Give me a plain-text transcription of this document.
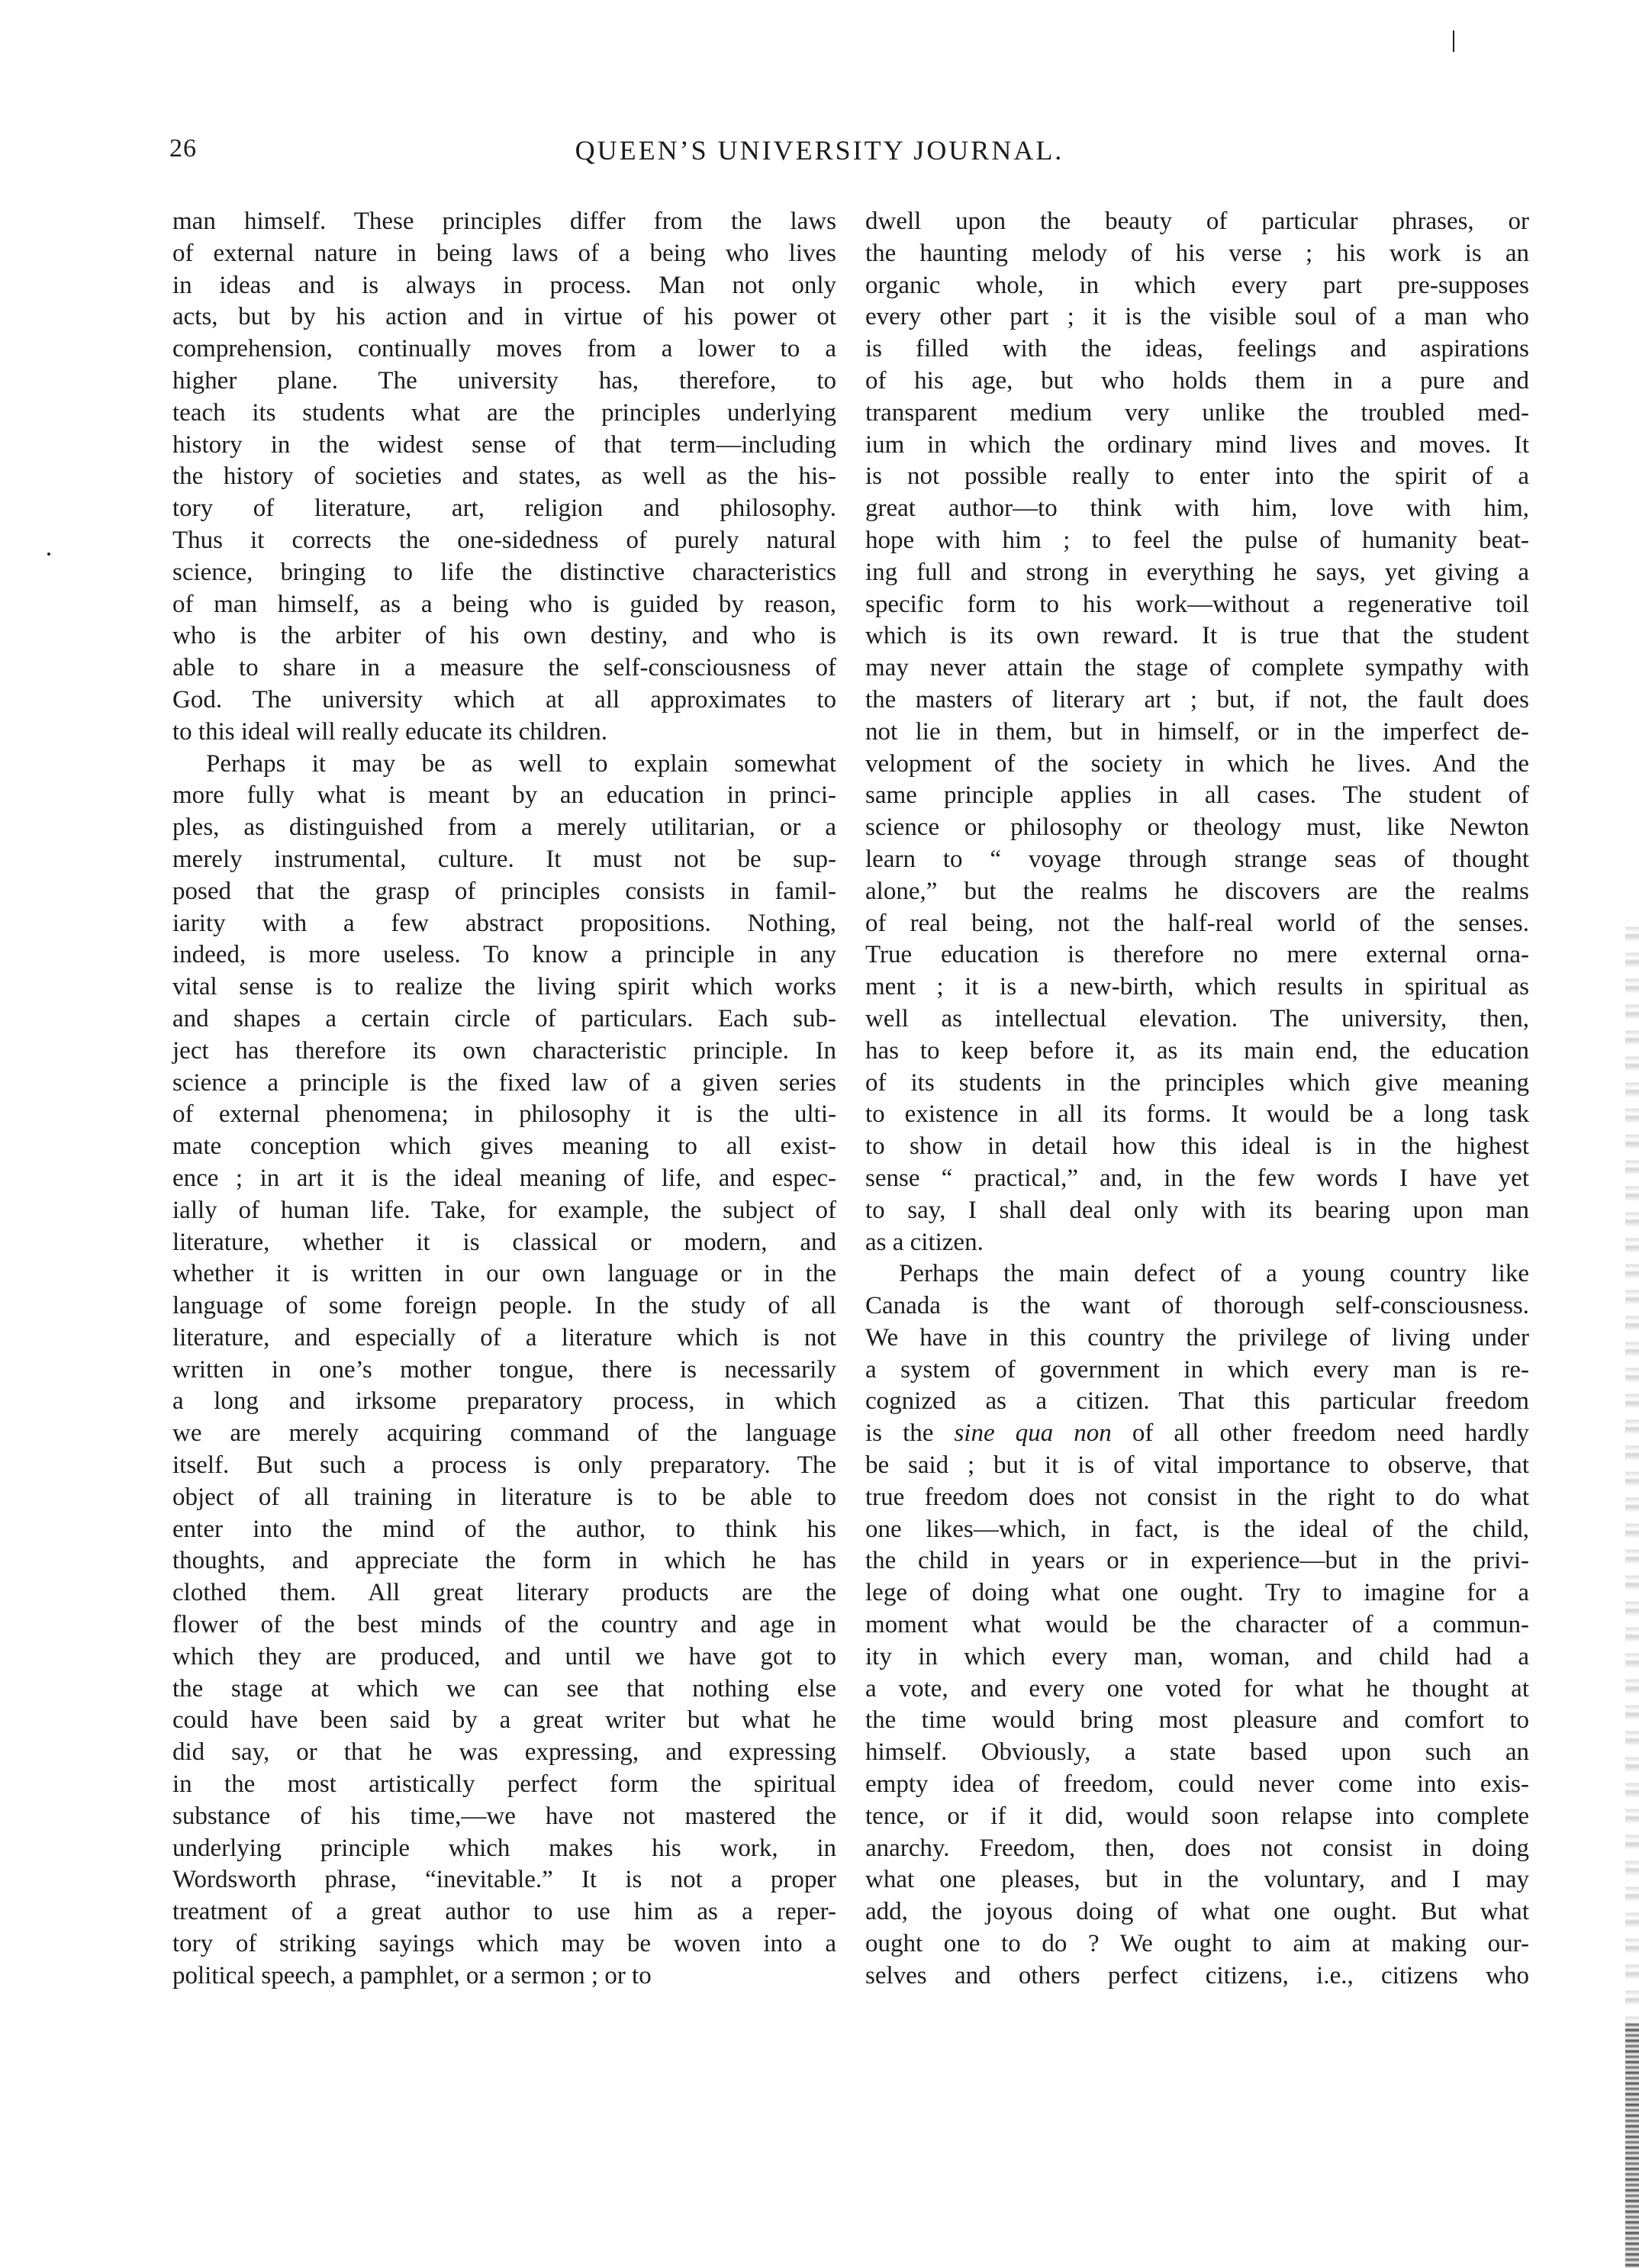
26	QUEEN’S UNIVERSITY JOURNAL.
man himself. These principles differ from the laws
of external nature in being laws of a being who lives
in ideas and is always in process. Man not only
acts, but by his action and in virtue of his power ot
comprehension, continually moves from a lower to a
higher plane. The university has, therefore, to
teach its students what are the principles underlying
history in the widest sense of that term—including
the history of societies and states, as well as the his-
tory of literature, art, religion and philosophy.
Thus it corrects the one-sidedness of purely natural
science, bringing to life the distinctive characteristics
of man himself, as a being who is guided by reason,
who is the arbiter of his own destiny, and who is
able to share in a measure the self-consciousness of
God. The university which at all approximates to
to this ideal will really educate its children.
Perhaps it may be as well to explain somewhat
more fully what is meant by an education in princi-
ples, as distinguished from a merely utilitarian, or a
merely instrumental, culture. It must not be sup-
posed that the grasp of principles consists in famil-
iarity with a few abstract propositions. Nothing,
indeed, is more useless. To know a principle in any
vital sense is to realize the living spirit which works
and shapes a certain circle of particulars. Each sub-
ject has therefore its own characteristic principle. In
science a principle is the fixed law of a given series
of external phenomena; in philosophy it is the ulti-
mate conception which gives meaning to all exist-
ence ; in art it is the ideal meaning of life, and espec-
ially of human life. Take, for example, the subject of
literature, whether it is classical or modern, and
whether it is written in our own language or in the
language of some foreign people. In the study of all
literature, and especially of a literature which is not
written in one’s mother tongue, there is necessarily
a long and irksome preparatory process, in which
we are merely acquiring command of the language
itself. But such a process is only preparatory. The
object of all training in literature is to be able to
enter into the mind of the author, to think his
thoughts, and appreciate the form in which he has
clothed them. All great literary products are the
flower of the best minds of the country and age in
which they are produced, and until we have got to
the stage at which we can see that nothing else
could have been said by a great writer but what he
did say, or that he was expressing, and expressing
in the most artistically perfect form the spiritual
substance of his time,—we have not mastered the
underlying principle which makes his work, in
Wordsworth phrase, “inevitable.” It is not a proper
treatment of a great author to use him as a reper-
tory of striking sayings which may be woven into a
political speech, a pamphlet, or a sermon ; or to
dwell upon the beauty of particular phrases, or
the haunting melody of his verse ; his work is an
organic whole, in which every part pre-supposes
every other part ; it is the visible soul of a man who
is filled with the ideas, feelings and aspirations
of his age, but who holds them in a pure and
transparent medium very unlike the troubled med-
ium in which the ordinary mind lives and moves. It
is not possible really to enter into the spirit of a
great author—to think with him, love with him,
hope with him ; to feel the pulse of humanity beat-
ing full and strong in everything he says, yet giving a
specific form to his work—without a regenerative toil
which is its own reward. It is true that the student
may never attain the stage of complete sympathy with
the masters of literary art ; but, if not, the fault does
not lie in them, but in himself, or in the imperfect de-
velopment of the society in which he lives. And the
same principle applies in all cases. The student of
science or philosophy or theology must, like Newton
learn to “ voyage through strange seas of thought
alone,” but the realms he discovers are the realms
of real being, not the half-real world of the senses.
True education is therefore no mere external orna-
ment ; it is a new-birth, which results in spiritual as
well as intellectual elevation. The university, then,
has to keep before it, as its main end, the education
of its students in the principles which give meaning
to existence in all its forms. It would be a long task
to show in detail how this ideal is in the highest
sense “ practical,” and, in the few words I have yet
to say, I shall deal only with its bearing upon man
as a citizen.
Perhaps the main defect of a young country like
Canada is the want of thorough self-consciousness.
We have in this country the privilege of living under
a system of government in which every man is re-
cognized as a citizen. That this particular freedom
is the sine qua non of all other freedom need hardly
be said ; but it is of vital importance to observe, that
true freedom does not consist in the right to do what
one likes—which, in fact, is the ideal of the child,
the child in years or in experience—but in the privi-
lege of doing what one ought. Try to imagine for a
moment what would be the character of a commun-
ity in which every man, woman, and child had a
a vote, and every one voted for what he thought at
the time would bring most pleasure and comfort to
himself. Obviously, a state based upon such an
empty idea of freedom, could never come into exis-
tence, or if it did, would soon relapse into complete
anarchy. Freedom, then, does not consist in doing
what one pleases, but in the voluntary, and I may
add, the joyous doing of what one ought. But what
ought one to do ? We ought to aim at making our-
selves and others perfect citizens, i.e., citizens who
